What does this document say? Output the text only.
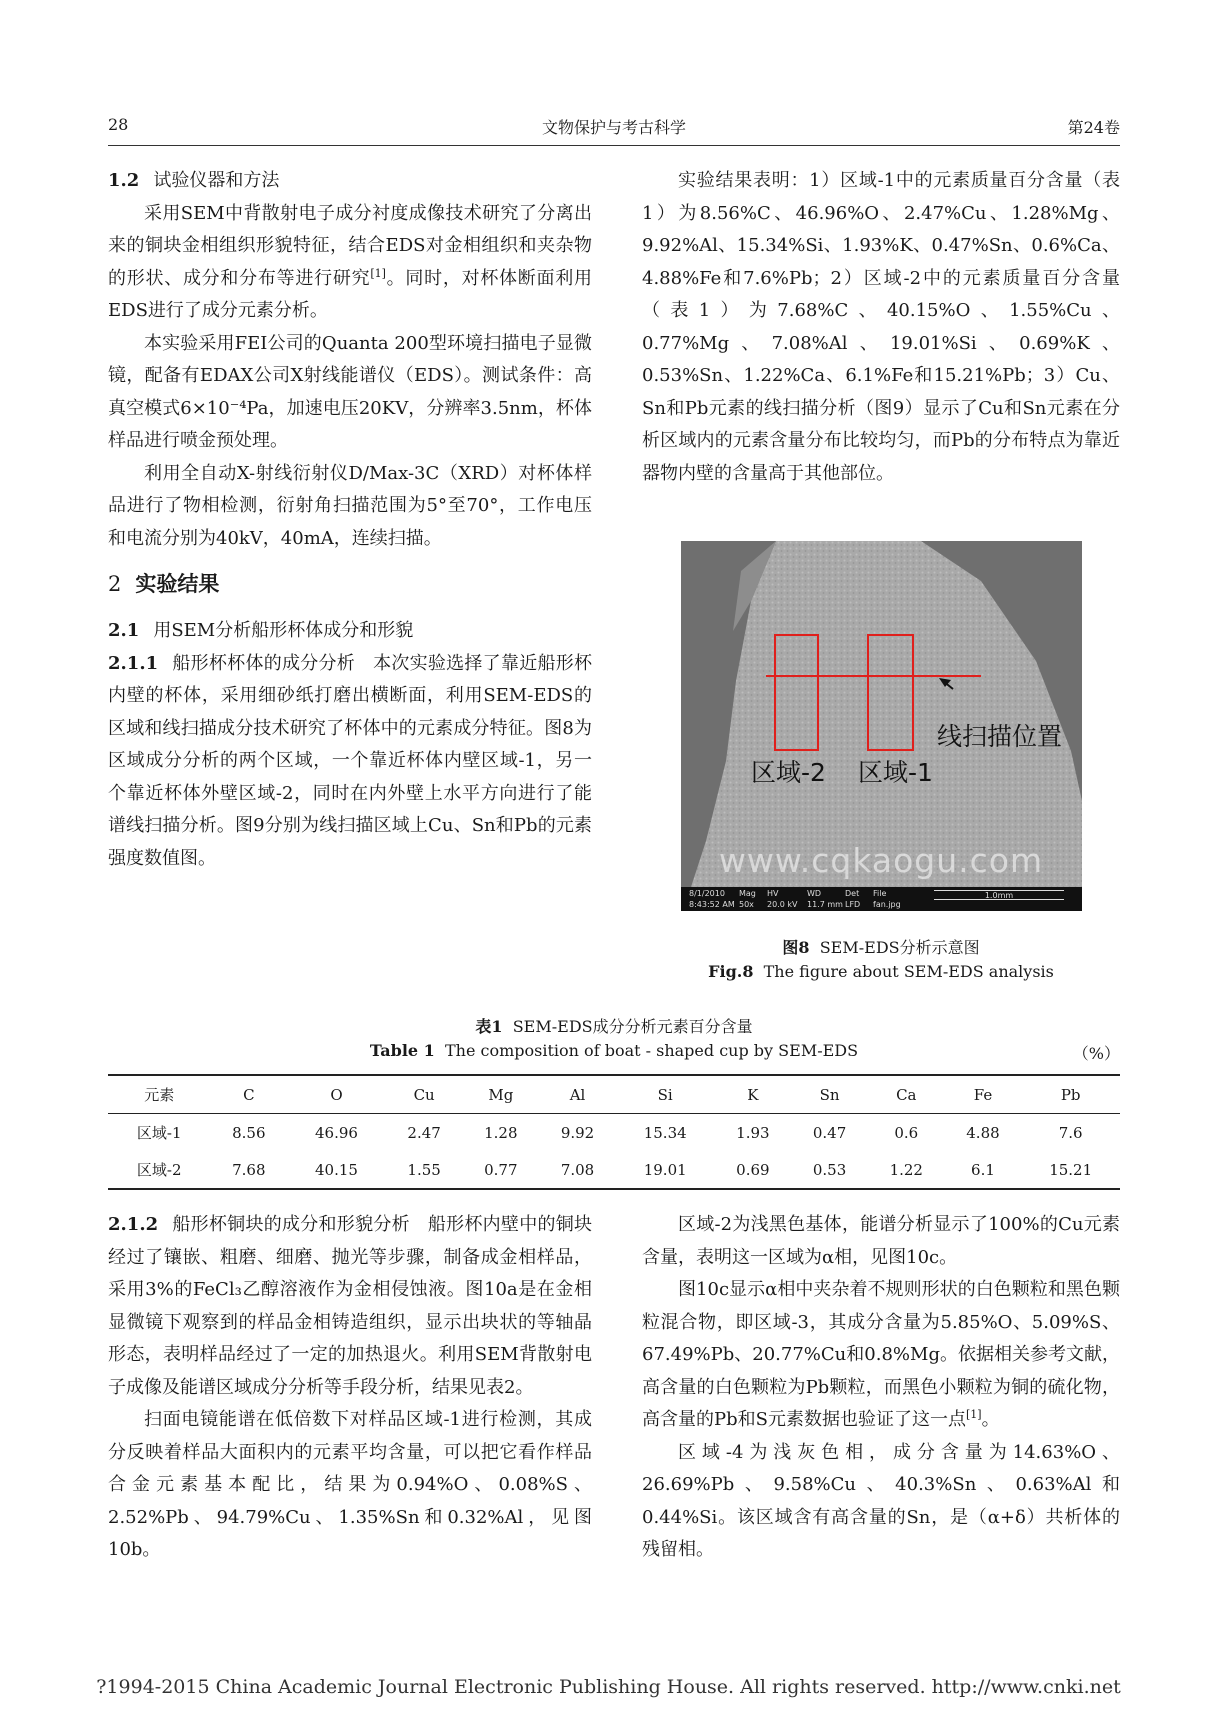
28	文物保护与考古科学	第24卷
1.2 试验仪器和方法

采用SEM中背散射电子成分衬度成像技术研究了分离出来的铜块金相组织形貌特征，结合EDS对金相组织和夹杂物的形状、成分和分布等进行研究[1]。同时，对杯体断面利用EDS进行了成分元素分析。

本实验采用FEI公司的Quanta 200型环境扫描电子显微镜，配备有EDAX公司X射线能谱仪（EDS）。测试条件：高真空模式6×10⁻⁴Pa，加速电压20KV，分辨率3.5nm，杯体样品进行喷金预处理。

利用全自动X-射线衍射仪D/Max-3C（XRD）对杯体样品进行了物相检测，衍射角扫描范围为5°至70°，工作电压和电流分别为40kV，40mA，连续扫描。

2 实验结果
2.1 用SEM分析船形杯体成分和形貌

2.1.1 船形杯杯体的成分分析 本次实验选择了靠近船形杯内壁的杯体，采用细砂纸打磨出横断面，利用SEM-EDS的区域和线扫描成分技术研究了杯体中的元素成分特征。图8为区域成分分析的两个区域，一个靠近杯体内壁区域-1，另一个靠近杯体外壁区域-2，同时在内外壁上水平方向进行了能谱线扫描分析。图9分别为线扫描区域上Cu、Sn和Pb的元素强度数值图。

实验结果表明：1）区域-1中的元素质量百分含量（表1）为8.56%C、46.96%O、2.47%Cu、1.28%Mg、9.92%Al、15.34%Si、1.93%K、0.47%Sn、0.6%Ca、4.88%Fe和7.6%Pb；2）区域-2中的元素质量百分含量（表1）为7.68%C、40.15%O、1.55%Cu、0.77%Mg、7.08%Al、19.01%Si、0.69%K、0.53%Sn、1.22%Ca、6.1%Fe和15.21%Pb；3）Cu、Sn和Pb元素的线扫描分析（图9）显示了Cu和Sn元素在分析区域内的元素含量分布比较均匀，而Pb的分布特点为靠近器物内壁的含量高于其他部位。

区域-2 区域-1
线扫描位置
www.cqkaogu.com
8/1/2010
8:43:52 AM
Mag
50x
HV
20.0 kV
WD
11.7 mm
Det
LFD
File
fan.jpg
1.0mm
图8 SEM-EDS分析示意图
Fig.8 The figure about SEM-EDS analysis
表1 SEM-EDS成分分析元素百分含量
Table 1 The composition of boat - shaped cup by SEM-EDS	（%）
元素	C	O	Cu	Mg	Al	Si	K	Sn	Ca	Fe	Pb
区域-1	8.56	46.96	2.47	1.28	9.92	15.34	1.93	0.47	0.6	4.88	7.6
区域-2	7.68	40.15	1.55	0.77	7.08	19.01	0.69	0.53	1.22	6.1	15.21

2.1.2 船形杯铜块的成分和形貌分析 船形杯内壁中的铜块经过了镶嵌、粗磨、细磨、抛光等步骤，制备成金相样品，采用3%的FeCl₃乙醇溶液作为金相侵蚀液。图10a是在金相显微镜下观察到的样品金相铸造组织，显示出块状的等轴晶形态，表明样品经过了一定的加热退火。利用SEM背散射电子成像及能谱区域成分分析等手段分析，结果见表2。

扫面电镜能谱在低倍数下对样品区域-1进行检测，其成分反映着样品大面积内的元素平均含量，可以把它看作样品合金元素基本配比，结果为0.94%O、0.08%S、2.52%Pb、94.79%Cu、1.35%Sn和0.32%Al，见图10b。

区域-2为浅黑色基体，能谱分析显示了100%的Cu元素含量，表明这一区域为α相，见图10c。

图10c显示α相中夹杂着不规则形状的白色颗粒和黑色颗粒混合物，即区域-3，其成分含量为5.85%O、5.09%S、67.49%Pb、20.77%Cu和0.8%Mg。依据相关参考文献，高含量的白色颗粒为Pb颗粒，而黑色小颗粒为铜的硫化物，高含量的Pb和S元素数据也验证了这一点[1]。

区域-4为浅灰色相，成分含量为14.63%O、26.69%Pb、9.58%Cu、40.3%Sn、0.63%Al和0.44%Si。该区域含有高含量的Sn，是（α+δ）共析体的残留相。

?1994-2015 China Academic Journal Electronic Publishing House. All rights reserved. http://www.cnki.net
